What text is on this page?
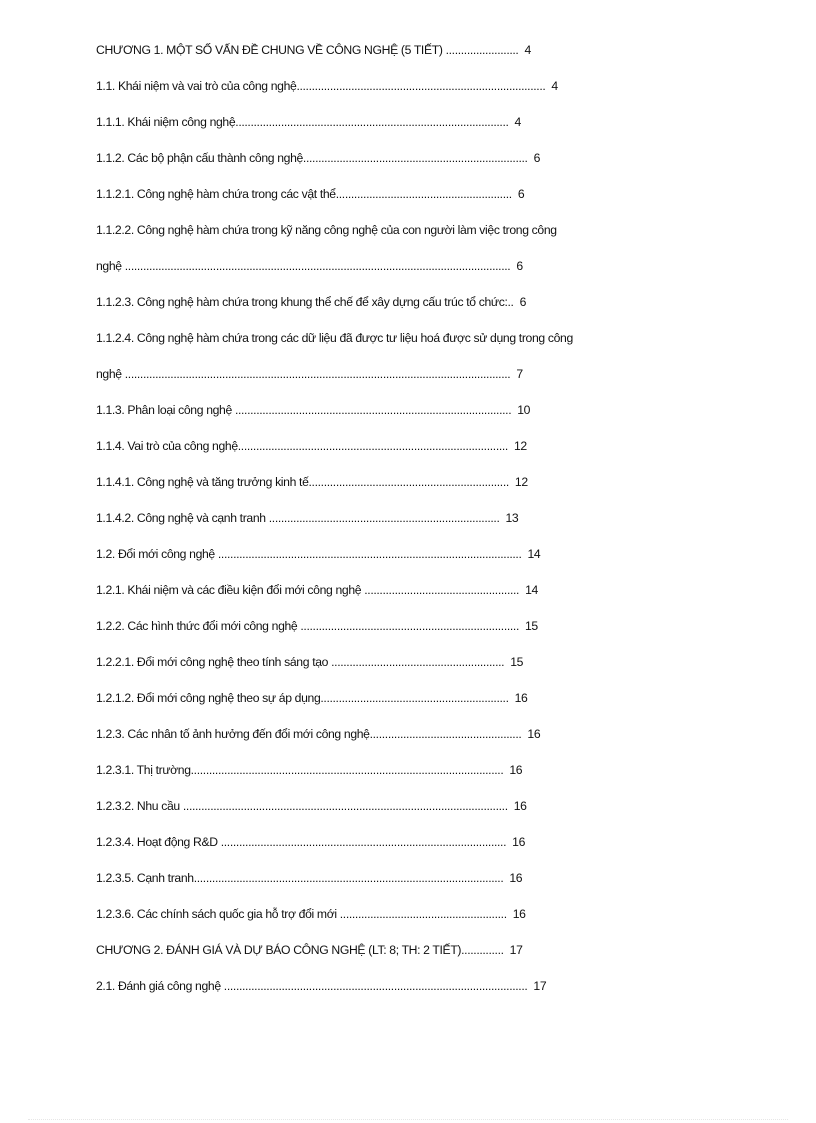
CHƯƠNG 1. MỘT SỐ VẤN ĐỀ CHUNG VỀ CÔNG NGHỆ (5 TIẾT) ........................ 4
1.1. Khái niệm và vai trò của công nghệ.................................................................................. 4
1.1.1. Khái niệm công nghệ.......................................................................................... 4
1.1.2. Các bộ phận cấu thành công nghệ.......................................................................... 6
1.1.2.1. Công nghệ hàm chứa trong các vật thể.......................................................... 6
1.1.2.2. Công nghệ hàm chứa trong kỹ năng công nghệ của con người làm việc trong công
nghệ ............................................................................................................................... 6
1.1.2.3. Công nghệ hàm chứa trong khung thể chế để xây dựng cấu trúc tổ chức:.. 6
1.1.2.4. Công nghệ hàm chứa trong các dữ liệu đã được tư liệu hoá được sử dụng trong công
nghệ ............................................................................................................................... 7
1.1.3. Phân loại công nghệ ........................................................................................... 10
1.1.4. Vai trò của công nghệ......................................................................................... 12
1.1.4.1. Công nghệ và tăng trưởng kinh tế.................................................................. 12
1.1.4.2. Công nghệ và cạnh tranh ............................................................................ 13
1.2. Đổi mới công nghệ .................................................................................................... 14
1.2.1. Khái niệm và các điều kiện đổi mới công nghệ ................................................... 14
1.2.2. Các hình thức đổi mới công nghệ ........................................................................ 15
1.2.2.1. Đổi mới công nghệ theo tính sáng tạo ......................................................... 15
1.2.1.2. Đổi mới công nghệ theo sự áp dụng.............................................................. 16
1.2.3. Các nhân tố ảnh hưởng đến đổi mới công nghệ.................................................. 16
1.2.3.1. Thị trường....................................................................................................... 16
1.2.3.2. Nhu cầu ........................................................................................................... 16
1.2.3.4. Hoạt động R&D .............................................................................................. 16
1.2.3.5. Cạnh tranh...................................................................................................... 16
1.2.3.6. Các chính sách quốc gia hỗ trợ đổi mới ....................................................... 16
CHƯƠNG 2. ĐÁNH GIÁ VÀ DỰ BÁO CÔNG NGHỆ (LT: 8; TH: 2 TIẾT).............. 17
2.1. Đánh giá công nghệ .................................................................................................... 17
